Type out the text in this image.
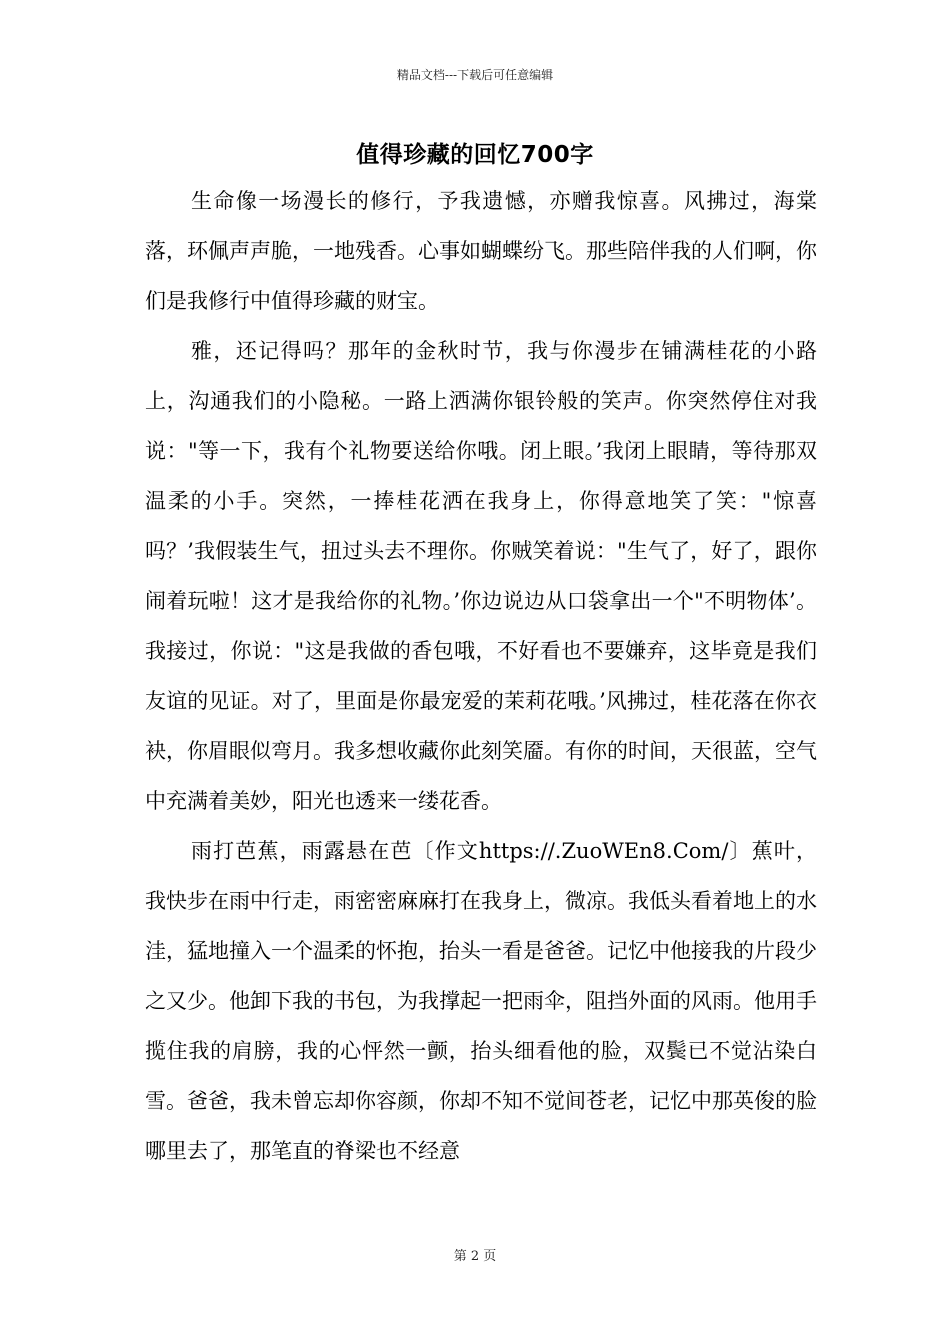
精品文档---下载后可任意编辑
值得珍藏的回忆700字

生命像一场漫长的修行，予我遗憾，亦赠我惊喜。风拂过，海棠落，环佩声声脆，一地残香。心事如蝴蝶纷飞。那些陪伴我的人们啊，你们是我修行中值得珍藏的财宝。

雅，还记得吗？那年的金秋时节，我与你漫步在铺满桂花的小路上，沟通我们的小隐秘。一路上洒满你银铃般的笑声。你突然停住对我说："等一下，我有个礼物要送给你哦。闭上眼。’我闭上眼睛，等待那双温柔的小手。突然，一捧桂花洒在我身上，你得意地笑了笑："惊喜吗？’我假装生气，扭过头去不理你。你贼笑着说："生气了，好了，跟你闹着玩啦！这才是我给你的礼物。’你边说边从口袋拿出一个"不明物体’。我接过，你说："这是我做的香包哦，不好看也不要嫌弃，这毕竟是我们友谊的见证。对了，里面是你最宠爱的茉莉花哦。’风拂过，桂花落在你衣袂，你眉眼似弯月。我多想收藏你此刻笑靥。有你的时间，天很蓝，空气中充满着美妙，阳光也透来一缕花香。

雨打芭蕉，雨露悬在芭〔作文https://.ZuoWEn8.Com/〕蕉叶，我快步在雨中行走，雨密密麻麻打在我身上，微凉。我低头看着地上的水洼，猛地撞入一个温柔的怀抱，抬头一看是爸爸。记忆中他接我的片段少之又少。他卸下我的书包，为我撑起一把雨伞，阻挡外面的风雨。他用手揽住我的肩膀，我的心怦然一颤，抬头细看他的脸，双鬓已不觉沾染白雪。爸爸，我未曾忘却你容颜，你却不知不觉间苍老，记忆中那英俊的脸哪里去了，那笔直的脊梁也不经意

第 2 页
